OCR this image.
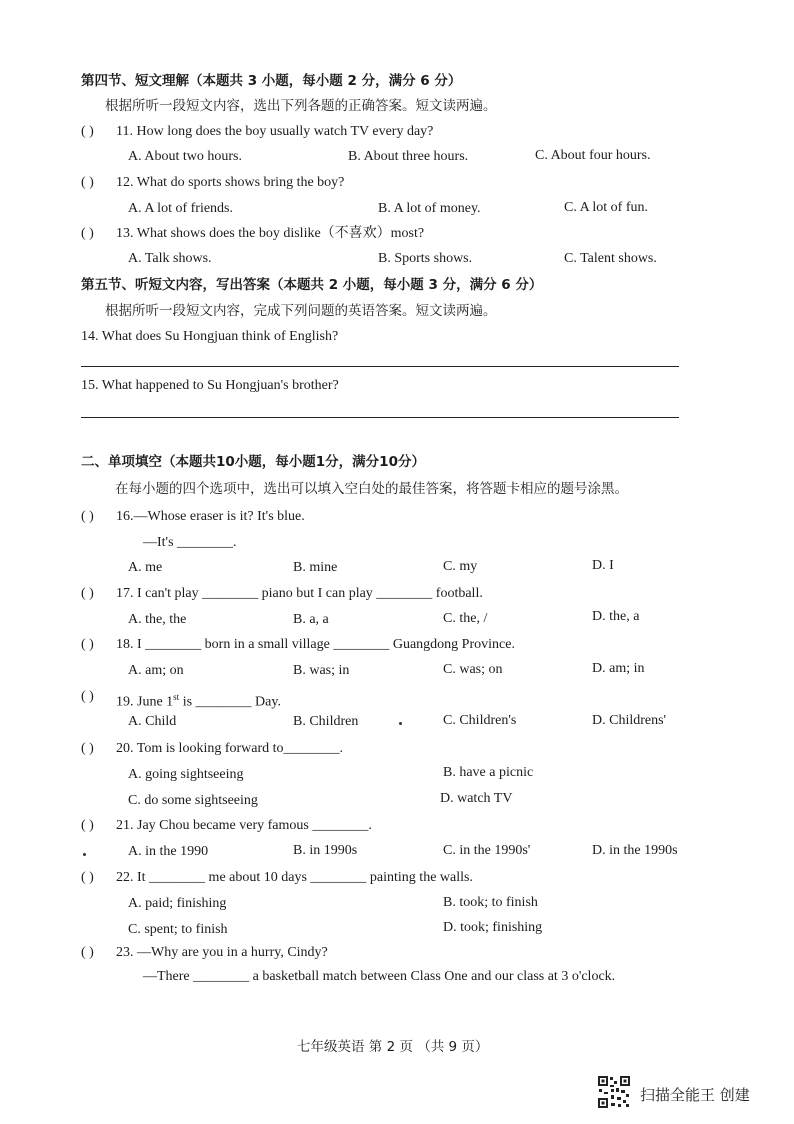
第四节、短文理解（本题共 3 小题，每小题 2 分，满分 6 分）
根据所听一段短文内容，选出下列各题的正确答案。短文读两遍。
( ) 11. How long does the boy usually watch TV every day?
A. About two hours.	B. About three hours.	C. About four hours.
( ) 12. What do sports shows bring the boy?
A. A lot of friends.	B. A lot of money.	C. A lot of fun.
( ) 13. What shows does the boy dislike（不喜欢）most?
A. Talk shows.	B. Sports shows.	C. Talent shows.
第五节、听短文内容，写出答案（本题共 2 小题，每小题 3 分，满分 6 分）
根据所听一段短文内容，完成下列问题的英语答案。短文读两遍。
14. What does Su Hongjuan think of English?
15. What happened to Su Hongjuan's brother?
二、单项填空（本题共10小题，每小题1分，满分10分）
在每小题的四个选项中，选出可以填入空白处的最佳答案，将答题卡相应的题号涂黑。
( ) 16.—Whose eraser is it? It's blue.
—It's ________.
A. me	B. mine	C. my	D. I
( ) 17. I can't play ________ piano but I can play ________ football.
A. the, the	B. a, a	C. the, /	D. the, a
( ) 18. I ________ born in a small village ________ Guangdong Province.
A. am; on	B. was; in	C. was; on	D. am; in
( ) 19. June 1st is ________ Day.
A. Child	B. Children	C. Children's	D. Childrens'
( ) 20. Tom is looking forward to________.
A. going sightseeing	B. have a picnic
C. do some sightseeing	D. watch TV
( ) 21. Jay Chou became very famous ________.
A. in the 1990	B. in 1990s	C. in the 1990s'	D. in the 1990s
( ) 22. It ________ me about 10 days ________ painting the walls.
A. paid; finishing	B. took; to finish
C. spent; to finish	D. took; finishing
( ) 23. —Why are you in a hurry, Cindy?
—There ________ a basketball match between Class One and our class at 3 o'clock.
七年级英语 第 2 页 （共 9 页）
扫描全能王 创建
